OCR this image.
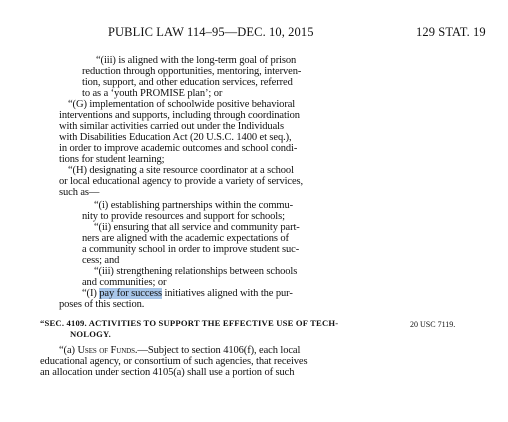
PUBLIC LAW 114–95—DEC. 10, 2015	129 STAT. 19
“(iii) is aligned with the long-term goal of prison
reduction through opportunities, mentoring, interven-
tion, support, and other education services, referred
to as a ‘youth PROMISE plan’; or
“(G) implementation of schoolwide positive behavioral
interventions and supports, including through coordination
with similar activities carried out under the Individuals
with Disabilities Education Act (20 U.S.C. 1400 et seq.),
in order to improve academic outcomes and school condi-
tions for student learning;
“(H) designating a site resource coordinator at a school
or local educational agency to provide a variety of services,
such as—
“(i) establishing partnerships within the commu-
nity to provide resources and support for schools;
“(ii) ensuring that all service and community part-
ners are aligned with the academic expectations of
a community school in order to improve student suc-
cess; and
“(iii) strengthening relationships between schools
and communities; or
“(I) pay for success initiatives aligned with the pur-
poses of this section.
“SEC. 4109. ACTIVITIES TO SUPPORT THE EFFECTIVE USE OF TECH-
NOLOGY.
20 USC 7119.
“(a) Uses of Funds.—Subject to section 4106(f), each local
educational agency, or consortium of such agencies, that receives
an allocation under section 4105(a) shall use a portion of such
